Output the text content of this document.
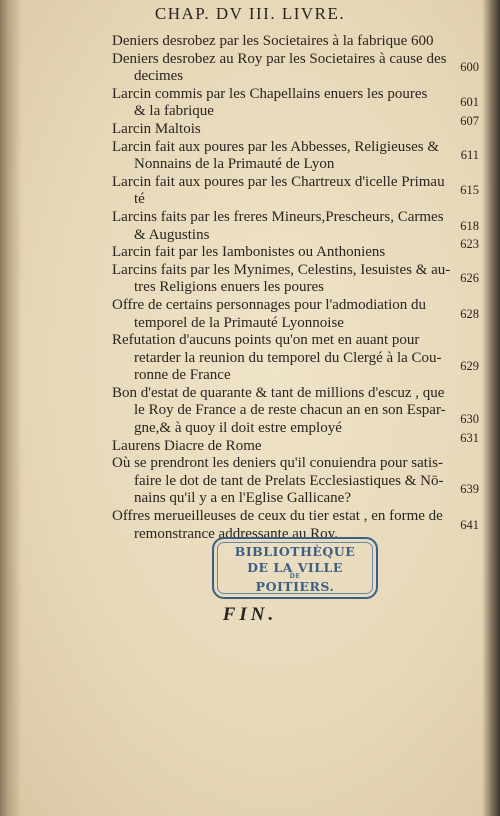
CHAP. DV III. LIVRE.
Deniers desrobez par les Societaires à la fabrique 600
Deniers desrobez au Roy par les Societaires à cause des
decimes
600
Larcin commis par les Chapellains enuers les poures
& la fabrique
601
Larcin Maltois	607
Larcin fait aux poures par les Abbesses, Religieuses &
Nonnains de la Primauté de Lyon
611
Larcin fait aux poures par les Chartreux d'icelle Primau
té
615
Larcins faits par les freres Mineurs,Prescheurs, Carmes
& Augustins
618
Larcin fait par les Iambonistes ou Anthoniens	623
Larcins faits par les Mynimes, Celestins, Iesuistes & au-
tres Religions enuers les poures
626
Offre de certains personnages pour l'admodiation du
temporel de la Primauté Lyonnoise
628
Refutation d'aucuns points qu'on met en auant pour
retarder la reunion du temporel du Clergé à la Cou-
ronne de France
629
Bon d'estat de quarante & tant de millions d'escuz , que
le Roy de France a de reste chacun an en son Espar-
gne,& à quoy il doit estre employé
630
Laurens Diacre de Rome	631
Où se prendront les deniers qu'il conuiendra pour satis-
faire le dot de tant de Prelats Ecclesiastiques & Nō-
nains qu'il y a en l'Eglise Gallicane?
639
Offres merueilleuses de ceux du tier estat , en forme de
remonstrance addressante au Roy.
641
BIBLIOTHÈQUE
DE LA VILLE
DE
POITIERS.
FIN.
